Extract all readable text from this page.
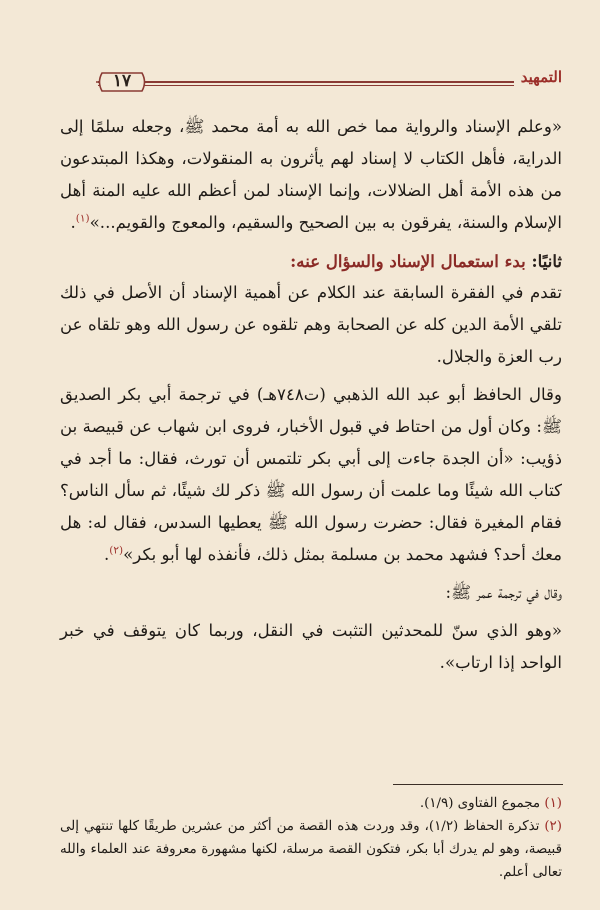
١٧	التمهيد

«وعلم الإسناد والرواية مما خص الله به أمة محمد ﷺ، وجعله سلمًا إلى الدراية، فأهل الكتاب لا إسناد لهم يأثرون به المنقولات، وهكذا المبتدعون من هذه الأمة أهل الضلالات، وإنما الإسناد لمن أعظم الله عليه المنة أهل الإسلام والسنة، يفرقون به بين الصحيح والسقيم، والمعوج والقويم...»$^{(١)}$.

ثانيًا: بدء استعمال الإسناد والسؤال عنه:

تقدم في الفقرة السابقة عند الكلام عن أهمية الإسناد أن الأصل في ذلك تلقي الأمة الدين كله عن الصحابة وهم تلقوه عن رسول الله وهو تلقاه عن رب العزة والجلال.

وقال الحافظ أبو عبد الله الذهبي (ت٧٤٨هـ) في ترجمة أبي بكر الصديق ﷺ: وكان أول من احتاط في قبول الأخبار، فروى ابن شهاب عن قبيصة بن ذؤيب: «أن الجدة جاءت إلى أبي بكر تلتمس أن تورث، فقال: ما أجد في كتاب الله شيئًا وما علمت أن رسول الله ﷺ ذكر لك شيئًا، ثم سأل الناس؟ فقام المغيرة فقال: حضرت رسول الله ﷺ يعطيها السدس، فقال له: هل معك أحد؟ فشهد محمد بن مسلمة بمثل ذلك، فأنفذه لها أبو بكر»$^{(٢)}$.

وقال في ترجمة عمر ﷺ:

«وهو الذي سنّ للمحدثين التثبت في النقل، وربما كان يتوقف في خبر الواحد إذا ارتاب».

(١) مجموع الفتاوى (١/٩).

(٢) تذكرة الحفاظ (١/٢)، وقد وردت هذه القصة من أكثر من عشرين طريقًا كلها تنتهي إلى قبيصة، وهو لم يدرك أبا بكر، فتكون القصة مرسلة، لكنها مشهورة معروفة عند العلماء والله تعالى أعلم.
